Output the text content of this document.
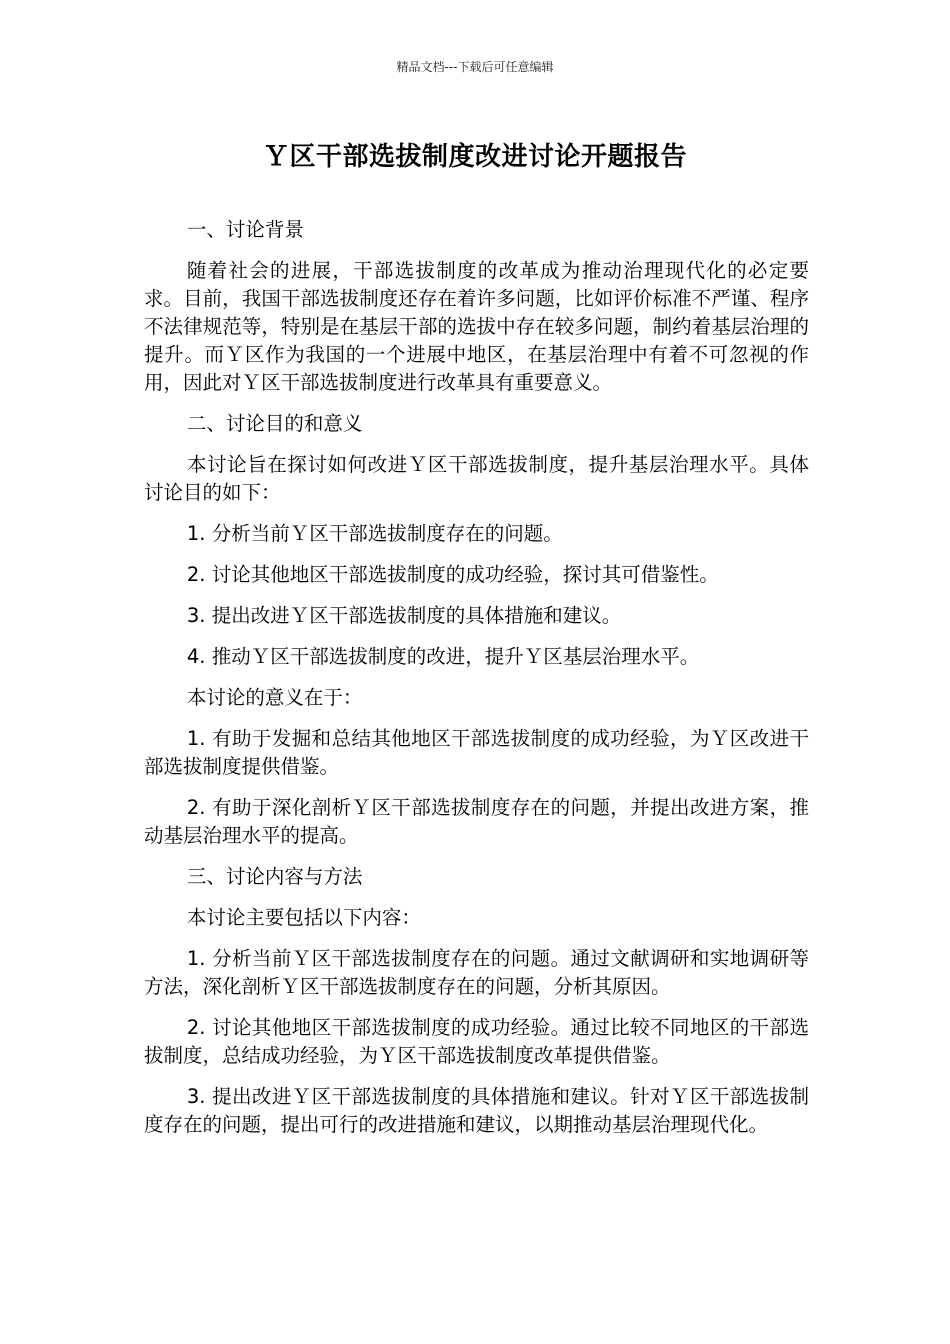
精品文档---下载后可任意编辑
Ｙ区干部选拔制度改进讨论开题报告

一、讨论背景

随着社会的进展，干部选拔制度的改革成为推动治理现代化的必定要求。目前，我国干部选拔制度还存在着许多问题，比如评价标准不严谨、程序不法律规范等，特别是在基层干部的选拔中存在较多问题，制约着基层治理的提升。而Ｙ区作为我国的一个进展中地区，在基层治理中有着不可忽视的作用，因此对Ｙ区干部选拔制度进行改革具有重要意义。

二、讨论目的和意义

本讨论旨在探讨如何改进Ｙ区干部选拔制度，提升基层治理水平。具体讨论目的如下：

1. 分析当前Ｙ区干部选拔制度存在的问题。

2. 讨论其他地区干部选拔制度的成功经验，探讨其可借鉴性。

3. 提出改进Ｙ区干部选拔制度的具体措施和建议。

4. 推动Ｙ区干部选拔制度的改进，提升Ｙ区基层治理水平。

本讨论的意义在于：

1. 有助于发掘和总结其他地区干部选拔制度的成功经验，为Ｙ区改进干部选拔制度提供借鉴。

2. 有助于深化剖析Ｙ区干部选拔制度存在的问题，并提出改进方案，推动基层治理水平的提高。

三、讨论内容与方法

本讨论主要包括以下内容：

1. 分析当前Ｙ区干部选拔制度存在的问题。通过文献调研和实地调研等方法，深化剖析Ｙ区干部选拔制度存在的问题，分析其原因。

2. 讨论其他地区干部选拔制度的成功经验。通过比较不同地区的干部选拔制度，总结成功经验，为Ｙ区干部选拔制度改革提供借鉴。

3. 提出改进Ｙ区干部选拔制度的具体措施和建议。针对Ｙ区干部选拔制度存在的问题，提出可行的改进措施和建议，以期推动基层治理现代化。
